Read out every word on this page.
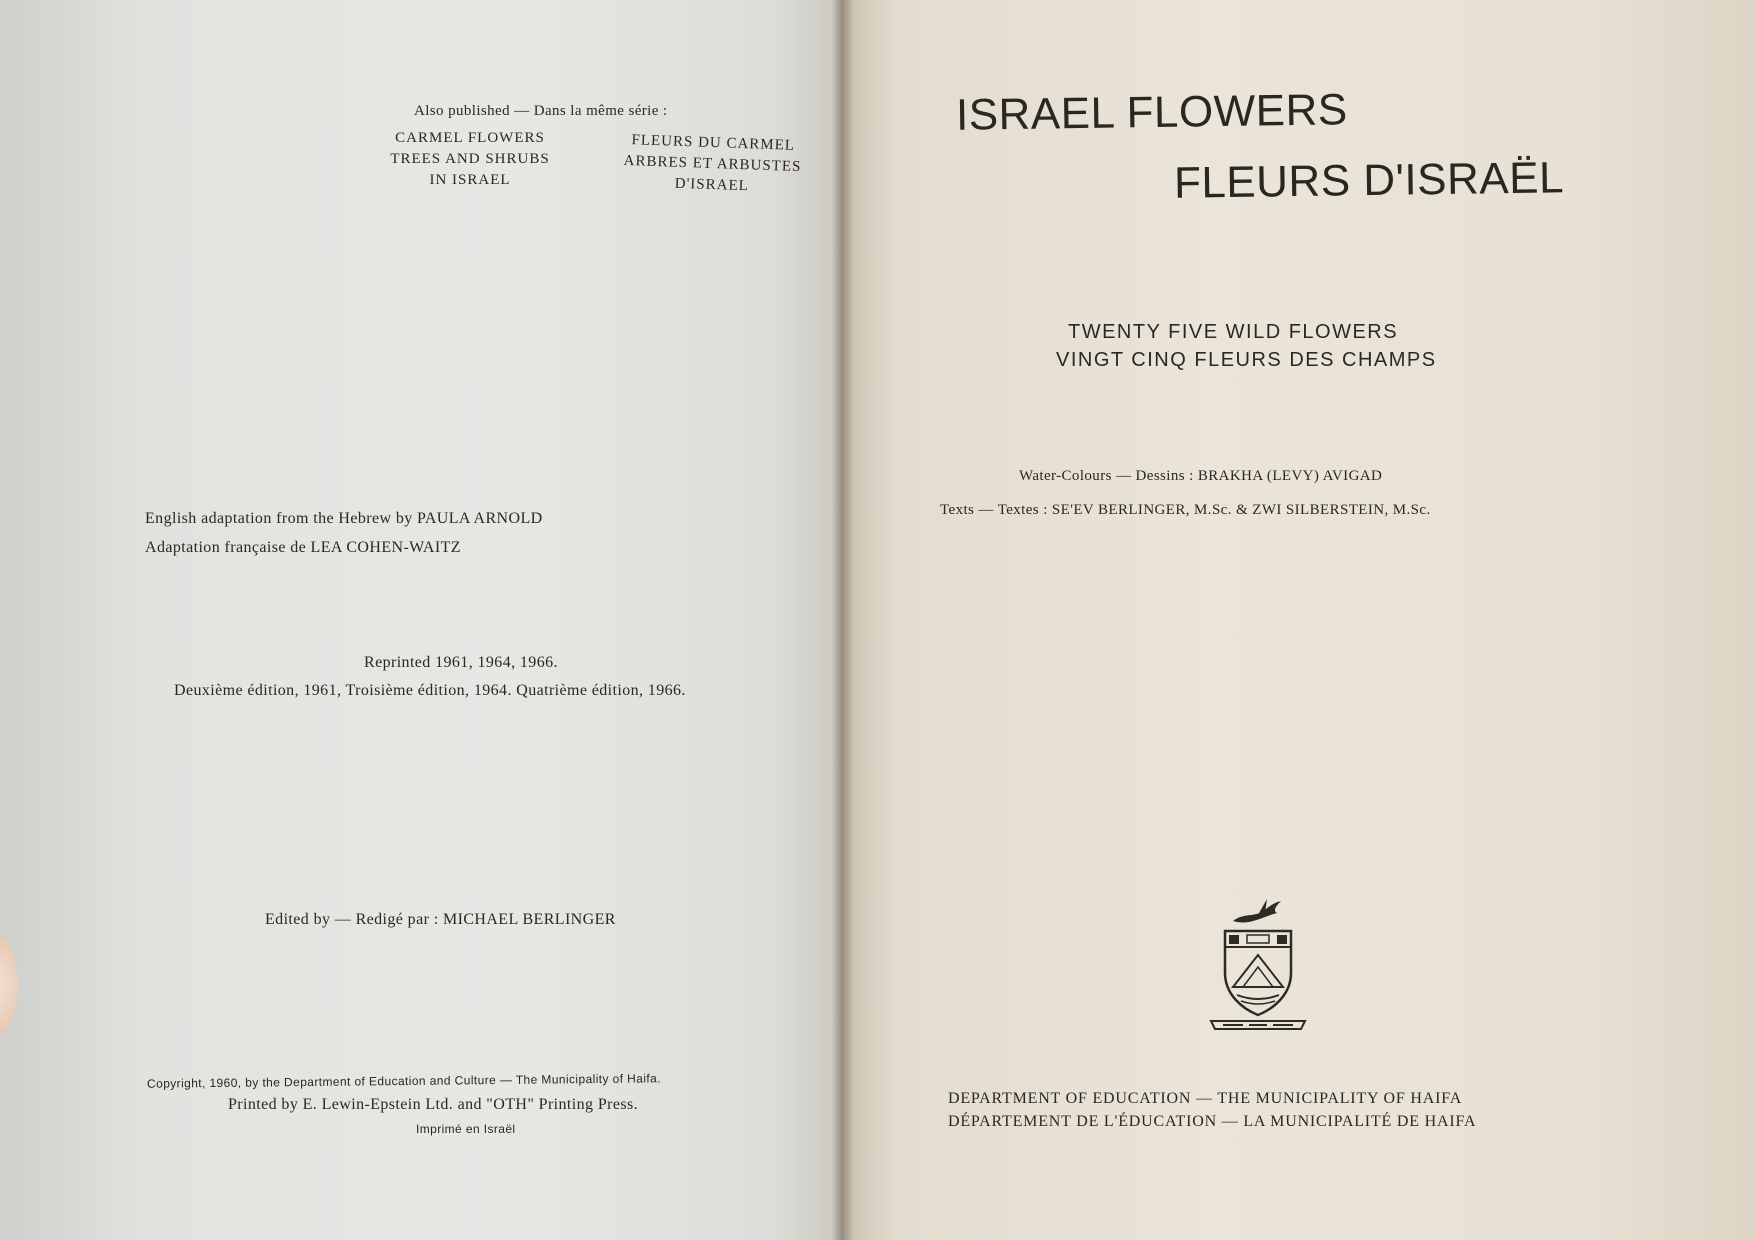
Also published — Dans la même série :
CARMEL FLOWERS
TREES AND SHRUBS
IN ISRAEL
FLEURS DU CARMEL
ARBRES ET ARBUSTES
D'ISRAEL
English adaptation from the Hebrew by PAULA ARNOLD
Adaptation française de LEA COHEN-WAITZ
Reprinted 1961, 1964, 1966.
Deuxième édition, 1961, Troisième édition, 1964. Quatrième édition, 1966.
Edited by — Redigé par : MICHAEL BERLINGER
Copyright, 1960, by the Department of Education and Culture — The Municipality of Haifa.
Printed by E. Lewin-Epstein Ltd. and "OTH" Printing Press.
Imprimé en Israël
ISRAEL FLOWERS
FLEURS D'ISRAËL
TWENTY FIVE WILD FLOWERS
VINGT CINQ FLEURS DES CHAMPS
Water-Colours — Dessins : BRAKHA (LEVY) AVIGAD
Texts — Textes : SE'EV BERLINGER, M.Sc. & ZWI SILBERSTEIN, M.Sc.
DEPARTMENT OF EDUCATION — THE MUNICIPALITY OF HAIFA
DÉPARTEMENT DE L'ÉDUCATION — LA MUNICIPALITÉ DE HAIFA
